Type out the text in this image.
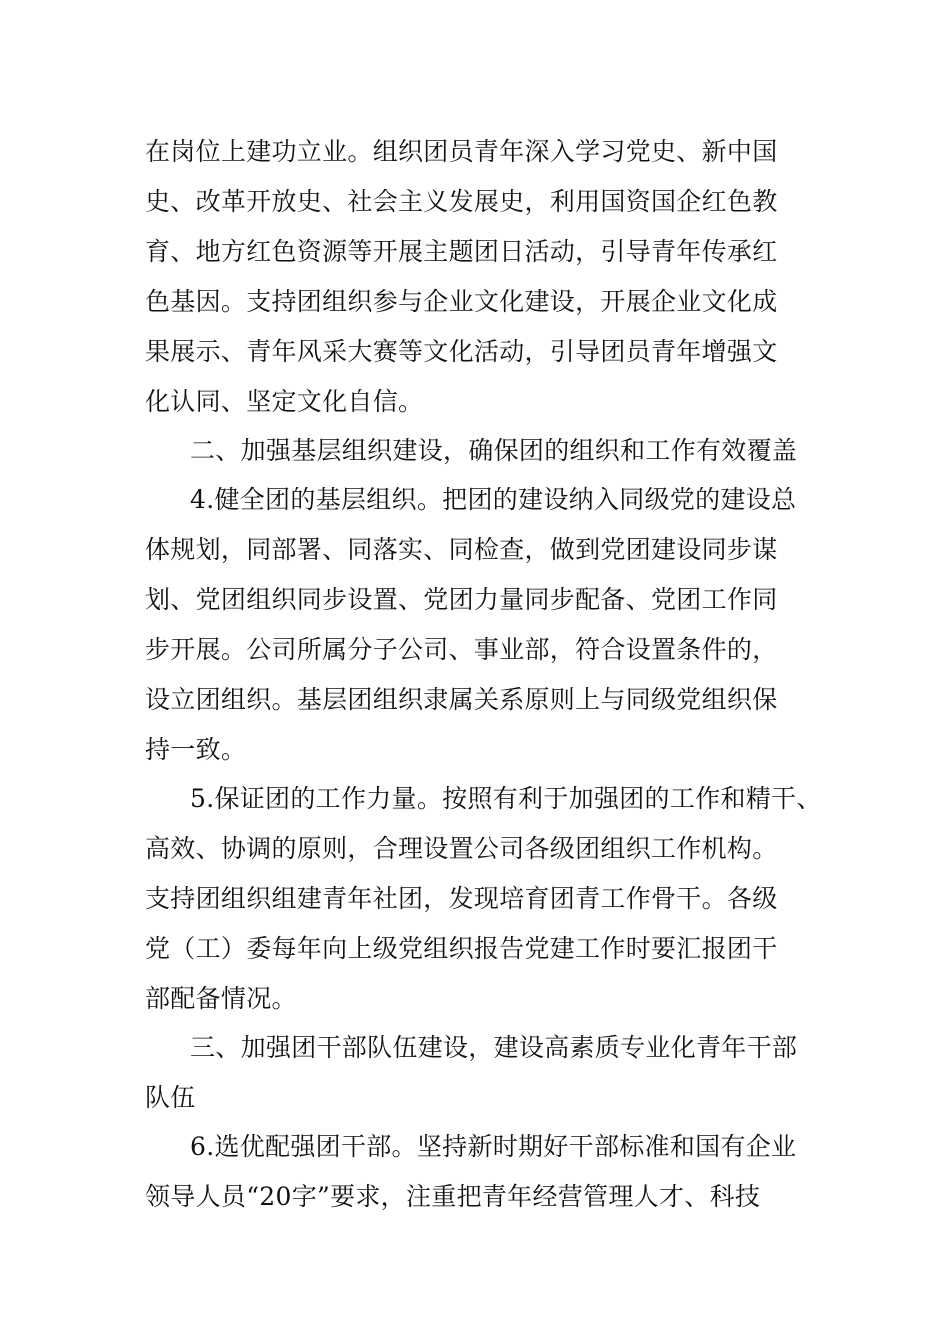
在岗位上建功立业。组织团员青年深入学习党史、新中国
史、改革开放史、社会主义发展史，利用国资国企红色教
育、地方红色资源等开展主题团日活动，引导青年传承红
色基因。支持团组织参与企业文化建设，开展企业文化成
果展示、青年风采大赛等文化活动，引导团员青年增强文
化认同、坚定文化自信。
二、加强基层组织建设，确保团的组织和工作有效覆盖
4.健全团的基层组织。把团的建设纳入同级党的建设总
体规划，同部署、同落实、同检查，做到党团建设同步谋
划、党团组织同步设置、党团力量同步配备、党团工作同
步开展。公司所属分子公司、事业部，符合设置条件的，
设立团组织。基层团组织隶属关系原则上与同级党组织保
持一致。
5.保证团的工作力量。按照有利于加强团的工作和精干、
高效、协调的原则，合理设置公司各级团组织工作机构。
支持团组织组建青年社团，发现培育团青工作骨干。各级
党（工）委每年向上级党组织报告党建工作时要汇报团干
部配备情况。
三、加强团干部队伍建设，建设高素质专业化青年干部
队伍
6.选优配强团干部。坚持新时期好干部标准和国有企业
领导人员“20字”要求，注重把青年经营管理人才、科技
